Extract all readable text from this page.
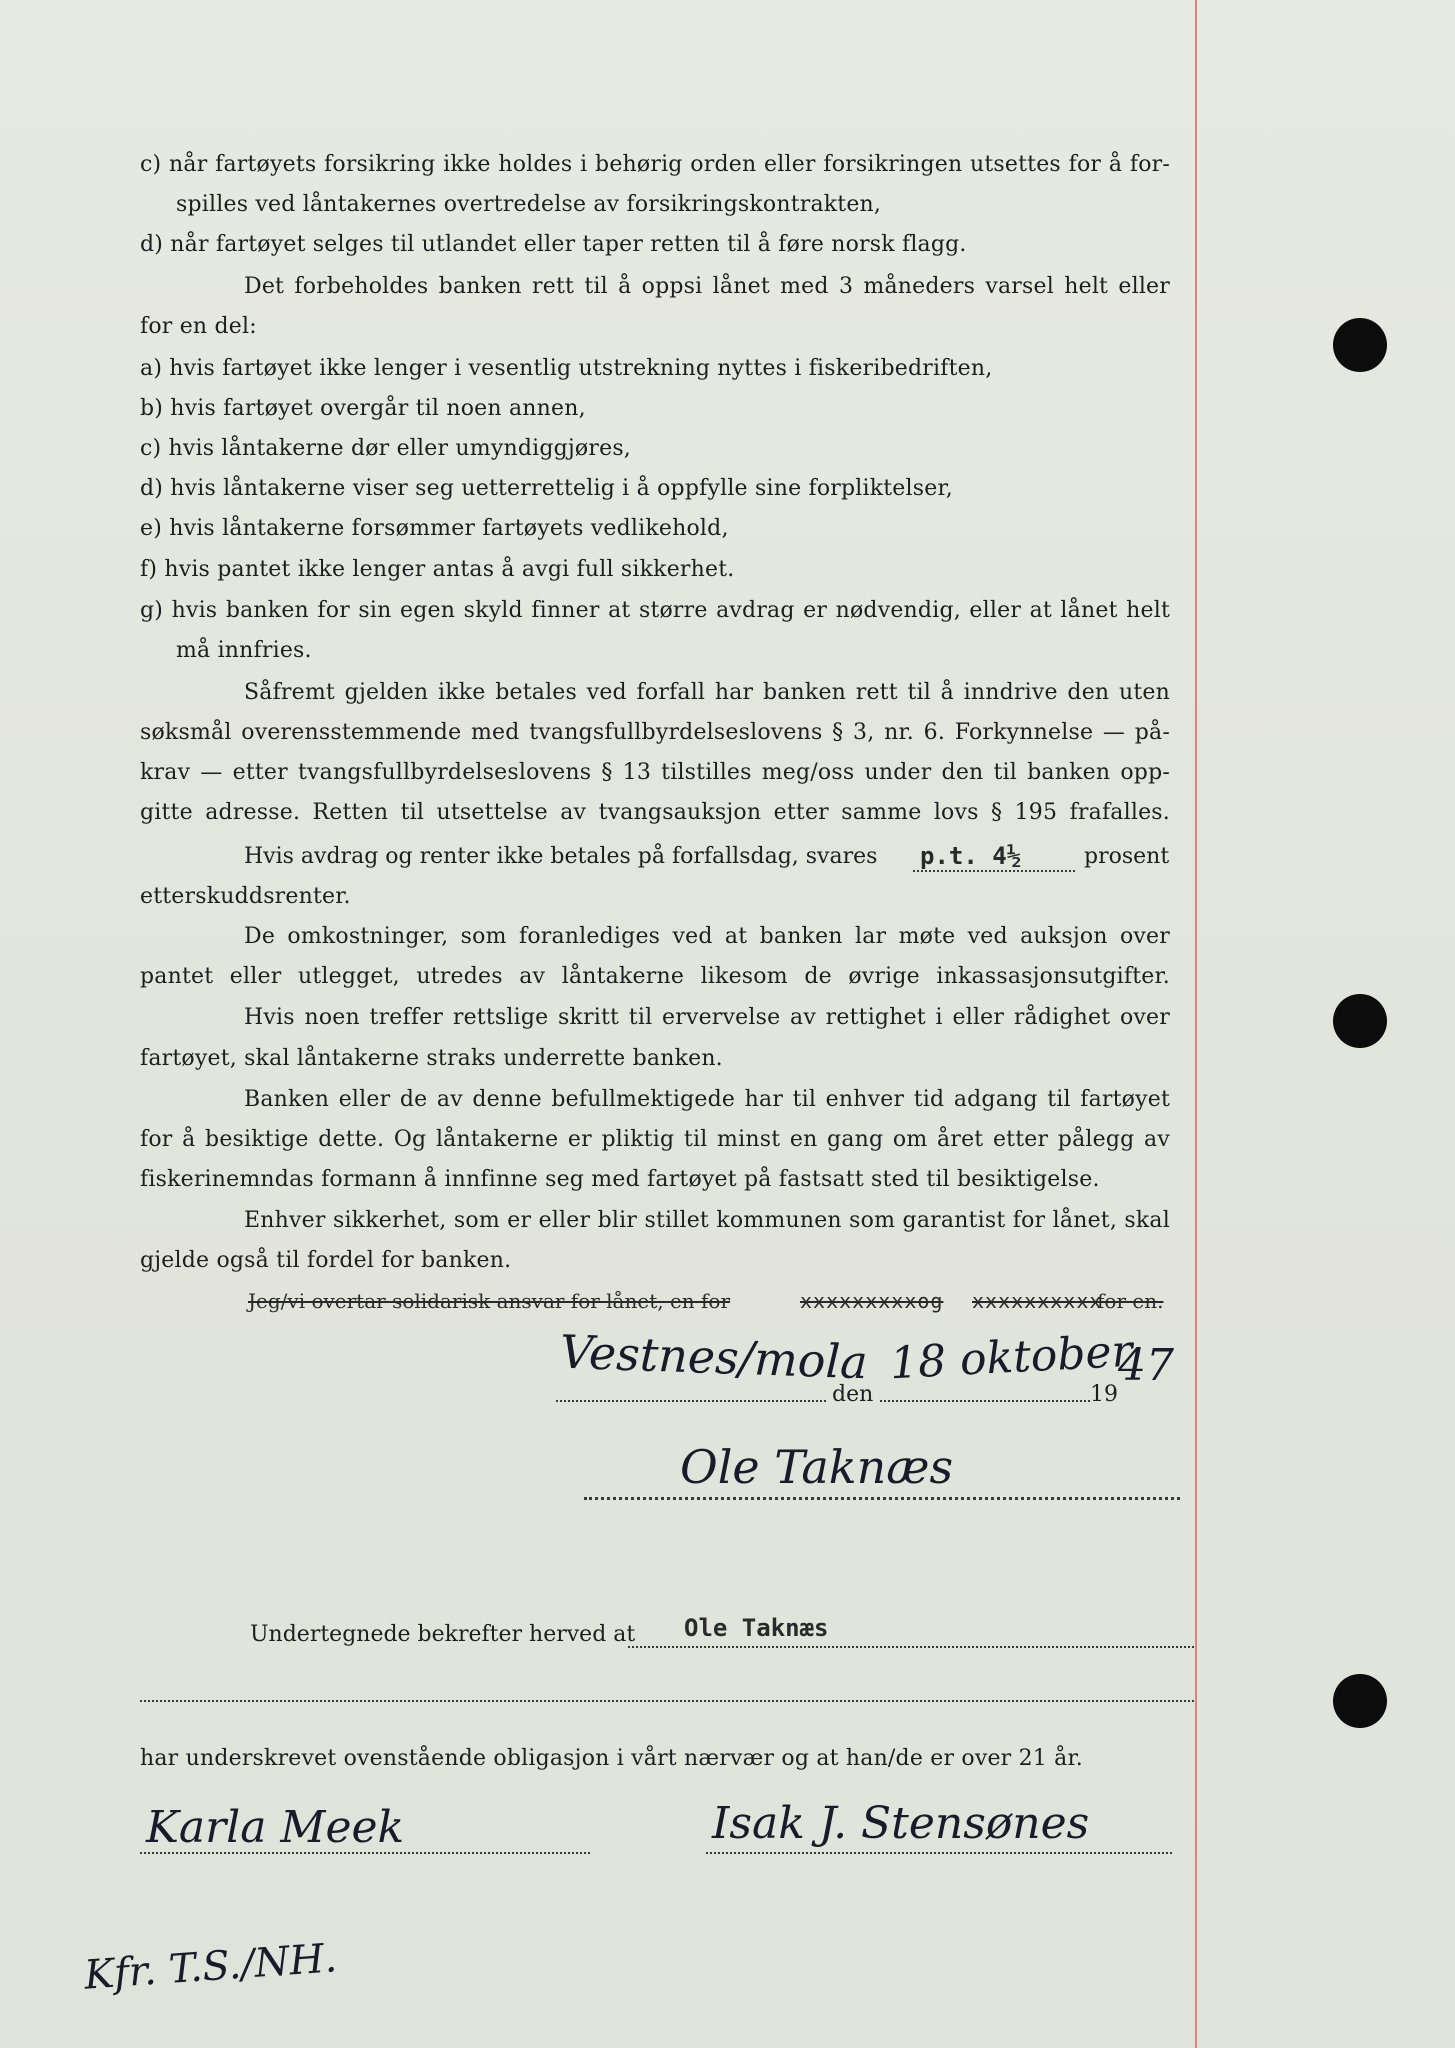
c) når fartøyets forsikring ikke holdes i behørig orden eller forsikringen utsettes for å for-
spilles ved låntakernes overtredelse av forsikringskontrakten,
d) når fartøyet selges til utlandet eller taper retten til å føre norsk flagg.
Det forbeholdes banken rett til å oppsi lånet med 3 måneders varsel helt eller
for en del:
a) hvis fartøyet ikke lenger i vesentlig utstrekning nyttes i fiskeribedriften,
b) hvis fartøyet overgår til noen annen,
c) hvis låntakerne dør eller umyndiggjøres,
d) hvis låntakerne viser seg uetterrettelig i å oppfylle sine forpliktelser,
e) hvis låntakerne forsømmer fartøyets vedlikehold,
f) hvis pantet ikke lenger antas å avgi full sikkerhet.
g) hvis banken for sin egen skyld finner at større avdrag er nødvendig, eller at lånet helt
må innfries.
Såfremt gjelden ikke betales ved forfall har banken rett til å inndrive den uten
søksmål overensstemmende med tvangsfullbyrdelseslovens § 3, nr. 6. Forkynnelse — på-
krav — etter tvangsfullbyrdelseslovens § 13 tilstilles meg/oss under den til banken opp-
gitte adresse. Retten til utsettelse av tvangsauksjon etter samme lovs § 195 frafalles.
Hvis avdrag og renter ikke betales på forfallsdag, svares p.t. 4½	prosent
etterskuddsrenter.
De omkostninger, som foranlediges ved at banken lar møte ved auksjon over
pantet eller utlegget, utredes av låntakerne likesom de øvrige inkassasjonsutgifter.
Hvis noen treffer rettslige skritt til ervervelse av rettighet i eller rådighet over
fartøyet, skal låntakerne straks underrette banken.
Banken eller de av denne befullmektigede har til enhver tid adgang til fartøyet
for å besiktige dette. Og låntakerne er pliktig til minst en gang om året etter pålegg av
fiskerinemndas formann å innfinne seg med fartøyet på fastsatt sted til besiktigelse.
Enhver sikkerhet, som er eller blir stillet kommunen som garantist for lånet, skal
gjelde også til fordel for banken.
Jeg/vi overtar solidarisk ansvar for lånet, en for	xxxxxxxxxog xxxxxxxxxx
for en.
Vestnes/mola
den
18 oktober
19
47
Ole Taknæs
Undertegnede bekrefter herved at Ole Taknæs
har underskrevet ovenstående obligasjon i vårt nærvær og at han/de er over 21 år.
Karla Meek	Isak J. Stensønes
Kfr. T.S./NH.
